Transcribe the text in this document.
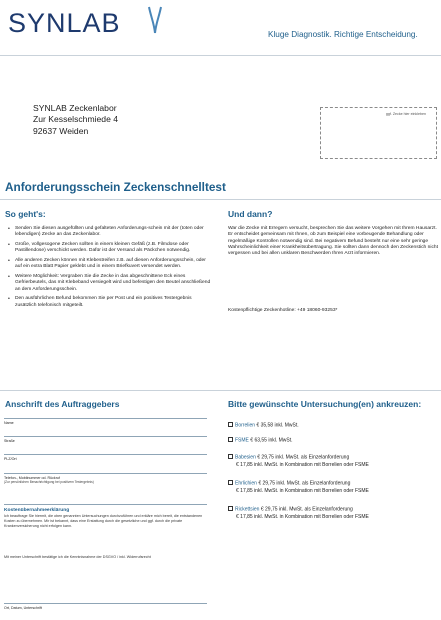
SYNLAB	Kluge Diagnostik. Richtige Entscheidung.
SYNLAB Zeckenlabor
Zur Kesselschmiede 4
92637 Weiden
ggf. Zecke hier einkleben
Anforderungsschein Zeckenschnelltest
So geht's:
• Senden Sie diesen ausgefüllten und gefalteten Anforderungs-schein mit der (toten oder lebendigen) Zecke an das Zeckenlabor.
• Große, vollgesogene Zecken sollten in einem kleinen Gefäß (z.B. Filmdose oder Pastillendose) verschickt werden. Dafür ist der Versand als Päckchen notwendig.
• Alle anderen Zecken können mit Klebestreifen z.B. auf diesen Anforderungsschein, oder auf ein extra Blatt Papier geklebt und in einem Briefkuvert versendet werden.
• Weitere Möglichkeit: Vergraben Sie die Zecke in das abgeschnittene Eck eines Gefrierbeutels, das mit Klebeband versiegelt wird und befestigen den Beutel anschließend an dem Anforderungsschein.
• Den ausführlichen Befund bekommen Sie per Post und ein positives Testergebnis zusätzlich telefonisch mitgeteilt.
Und dann?
War die Zecke mit Erregern versucht, besprechen Sie das weitere Vorgehen mit Ihrem Hausarzt. Er entscheidet gemeinsam mit Ihnen, ob zum Beispiel eine vorbeugende Behandlung oder regelmäßige Kontrollen notwendig sind. Bei negativem Befund besteht nur eine sehr geringe Wahrscheinlichkeit einer Krankheitsübertragung. Sie sollten dann dennoch den Zeckenstich nicht vergessen und bei allen unklaren Beschwerden Ihren Arzt informieren.
Kostenpflichtige Zeckenhotline: +49 18060-93253*
Anschrift des Auftraggebers
Name
Straße
PLZ/Ort
Telefon-, Mobilnummer od. Rückruf
(Zur persönlichen Benachrichtigung bei positivem Testergebnis)
Kostenübernahmeerklärung
Ich beauftrage Sie hiermit, die oben genannten Untersuchungen durchzuführen und erkläre mich bereit, die entstandenen Kosten zu übernehmen. Mir ist bekannt, dass eine Erstattung durch die gesetzliche und ggf. durch die private Krankenversicherung nicht erfolgen kann.
Mit meiner Unterschrift bestätige ich die Kenntnisnahme der DSGVO / inkl. Widerrufsrecht
Ort, Datum, Unterschrift
Bitte gewünschte Untersuchung(en) ankreuzen:
Borrelien € 35,58 inkl. MwSt.
FSME € 63,55 inkl. MwSt.
Babesien € 29,75 inkl. MwSt. als Einzelanforderung
€ 17,85 inkl. MwSt. in Kombination mit Borrelien oder FSME
Ehrlichien € 29,75 inkl. MwSt. als Einzelanforderung
€ 17,85 inkl. MwSt. in Kombination mit Borrelien oder FSME
Rickettsien € 29,75 inkl. MwSt. als Einzelanforderung
€ 17,85 inkl. MwSt. in Kombination mit Borrelien oder FSME
